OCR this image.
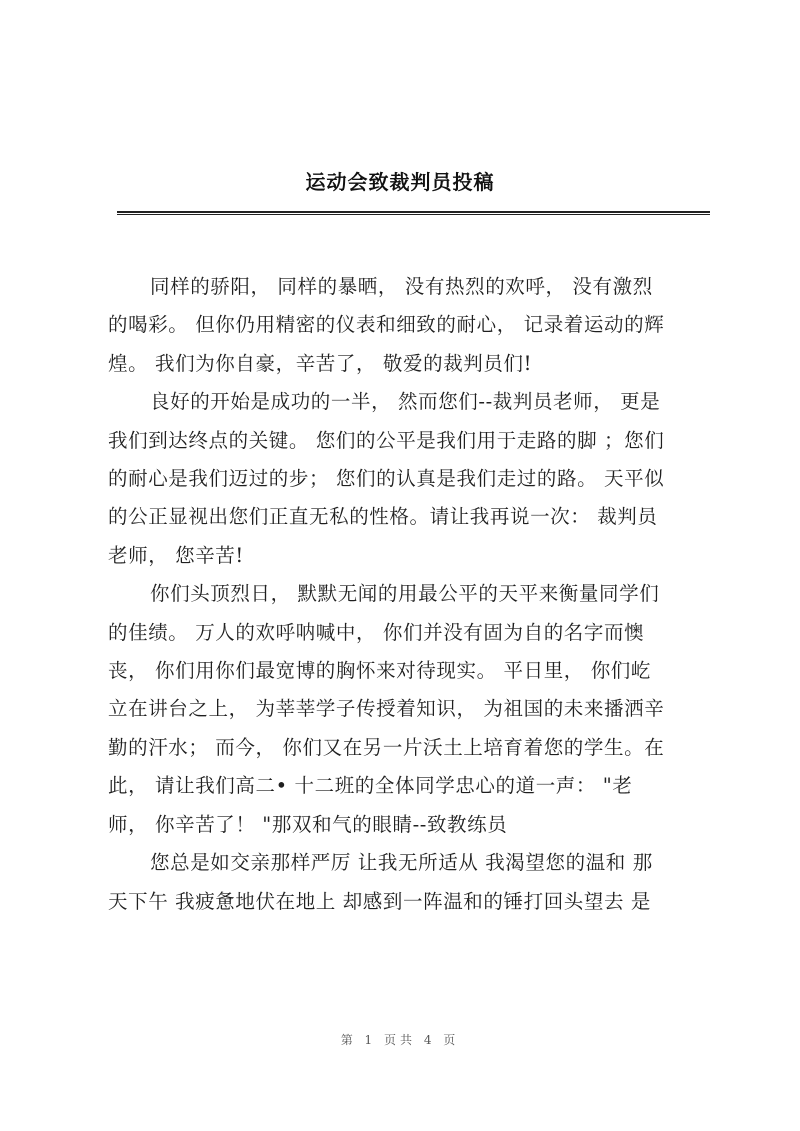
运动会致裁判员投稿

同样的骄阳， 同样的暴晒， 没有热烈的欢呼， 没有激烈
的喝彩。 但你仍用精密的仪表和细致的耐心， 记录着运动的辉
煌。 我们为你自豪，辛苦了， 敬爱的裁判员们!

良好的开始是成功的一半， 然而您们--裁判员老师， 更是
我们到达终点的关键。 您们的公平是我们用于走路的脚 ；您们
的耐心是我们迈过的步； 您们的认真是我们走过的路。 天平似
的公正显视出您们正直无私的性格。请让我再说一次： 裁判员
老师， 您辛苦!

你们头顶烈日， 默默无闻的用最公平的天平来衡量同学们
的佳绩。 万人的欢呼呐喊中， 你们并没有固为自的名字而懊
丧， 你们用你们最宽博的胸怀来对待现实。 平日里， 你们屹
立在讲台之上， 为莘莘学子传授着知识， 为祖国的未来播洒辛
勤的汗水； 而今， 你们又在另一片沃土上培育着您的学生。在
此， 请让我们高二• 十二班的全体同学忠心的道一声： "老
师， 你辛苦了！ "那双和气的眼睛--致教练员

您总是如交亲那样严厉 让我无所适从 我渴望您的温和 那
天下午 我疲惫地伏在地上 却感到一阵温和的锤打回头望去 是

第 1 页共 4 页
